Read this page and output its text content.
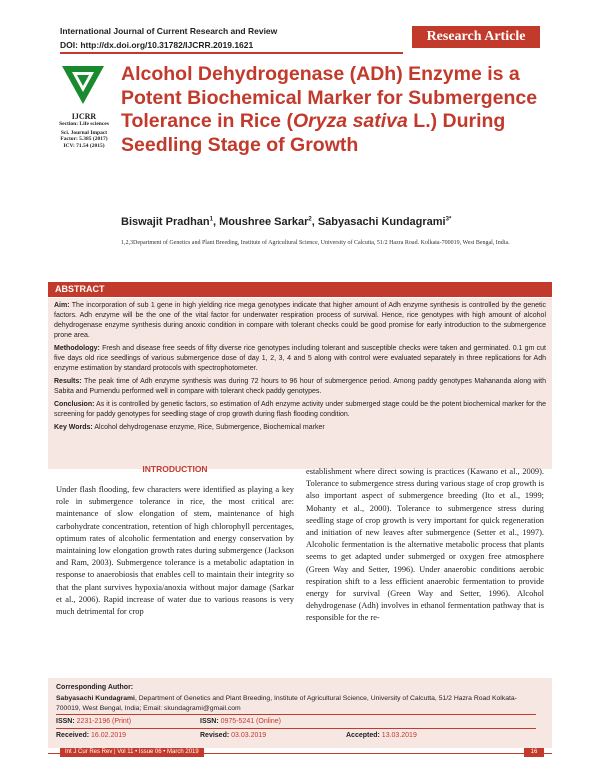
International Journal of Current Research and Review
DOI: http://dx.doi.org/10.31782/IJCRR.2019.1621
Research Article
IJCRR
Section: Life sciences
Sci. Journal Impact
Factor: 5.385 (2017)
ICV: 71.54 (2015)
Alcohol Dehydrogenase (ADh) Enzyme is a Potent Biochemical Marker for Submergence Tolerance in Rice (Oryza sativa L.) During Seedling Stage of Growth
Biswajit Pradhan$^1$, Moushree Sarkar$^2$, Sabyasachi Kundagrami$^{3*}$
1,2,3Department of Genetics and Plant Breeding, Institute of Agricultural Science, University of Calcutta, 51/2 Hazra Road. Kolkata-700019, West Bengal, India.
ABSTRACT

Aim: The incorporation of sub 1 gene in high yielding rice mega genotypes indicate that higher amount of Adh enzyme synthesis is controlled by the genetic factors. Adh enzyme will be the one of the vital factor for underwater respiration process of survival. Hence, rice genotypes with high amount of alcohol dehydrogenase enzyme synthesis during anoxic condition in compare with tolerant checks could be good promise for early introduction to the submergence prone area.

Methodology: Fresh and disease free seeds of fifty diverse rice genotypes including tolerant and susceptible checks were taken and germinated. 0.1 gm cut five days old rice seedlings of various submergence dose of day 1, 2, 3, 4 and 5 along with control were evaluated separately in three replications for Adh enzyme estimation by standard protocols with spectrophotometer.

Results: The peak time of Adh enzyme synthesis was during 72 hours to 96 hour of submergence period. Among paddy genotypes Mahananda along with Sabita and Purnendu performed well in compare with tolerant check paddy genotypes.

Conclusion: As it is controlled by genetic factors, so estimation of Adh enzyme activity under submerged stage could be the potent biochemical marker for the screening for paddy genotypes for seedling stage of crop growth during flash flooding condition.

Key Words: Alcohol dehydrogenase enzyme, Rice, Submergence, Biochemical marker

INTRODUCTION
Under flash flooding, few characters were identified as playing a key role in submergence tolerance in rice, the most critical are: maintenance of slow elongation of stem, maintenance of high carbohydrate concentration, retention of high chlorophyll percentages, optimum rates of alcoholic fermentation and energy conservation by maintaining low elongation growth rates during submergence (Jackson and Ram, 2003). Submergence tolerance is a metabolic adaptation in response to anaerobiosis that enables cell to maintain their integrity so that the plant survives hypoxia/anoxia without major damage (Sarkar et al., 2006). Rapid increase of water due to various reasons is very much detrimental for crop
establishment where direct sowing is practices (Kawano et al., 2009). Tolerance to submergence stress during various stage of crop growth is also important aspect of submergence breeding (Ito et al., 1999; Mohanty et al., 2000). Tolerance to submergence stress during seedling stage of crop growth is very important for quick regeneration and initiation of new leaves after submergence (Setter et al., 1997). Alcoholic fermentation is the alternative metabolic process that plants seems to get adapted under submerged or oxygen free atmosphere (Green Way and Setter, 1996). Under anaerobic conditions aerobic respiration shift to a less efficient anaerobic fermentation to provide energy for survival (Green Way and Setter, 1996). Alcohol dehydrogenase (Adh) involves in ethanol fermentation pathway that is responsible for the re-
Corresponding Author:
Sabyasachi Kundagrami, Department of Genetics and Plant Breeding, Institute of Agricultural Science, University of Calcutta, 51/2 Hazra Road Kolkata-700019, West Bengal, India; Email: skundagrami@gmail.com
ISSN: 2231-2196 (Print)	ISSN: 0975-5241 (Online)
Received: 16.02.2019	Revised: 03.03.2019	Accepted: 13.03.2019
Int J Cur Res Rev | Vol 11 • Issue 06 • March 2019	16
